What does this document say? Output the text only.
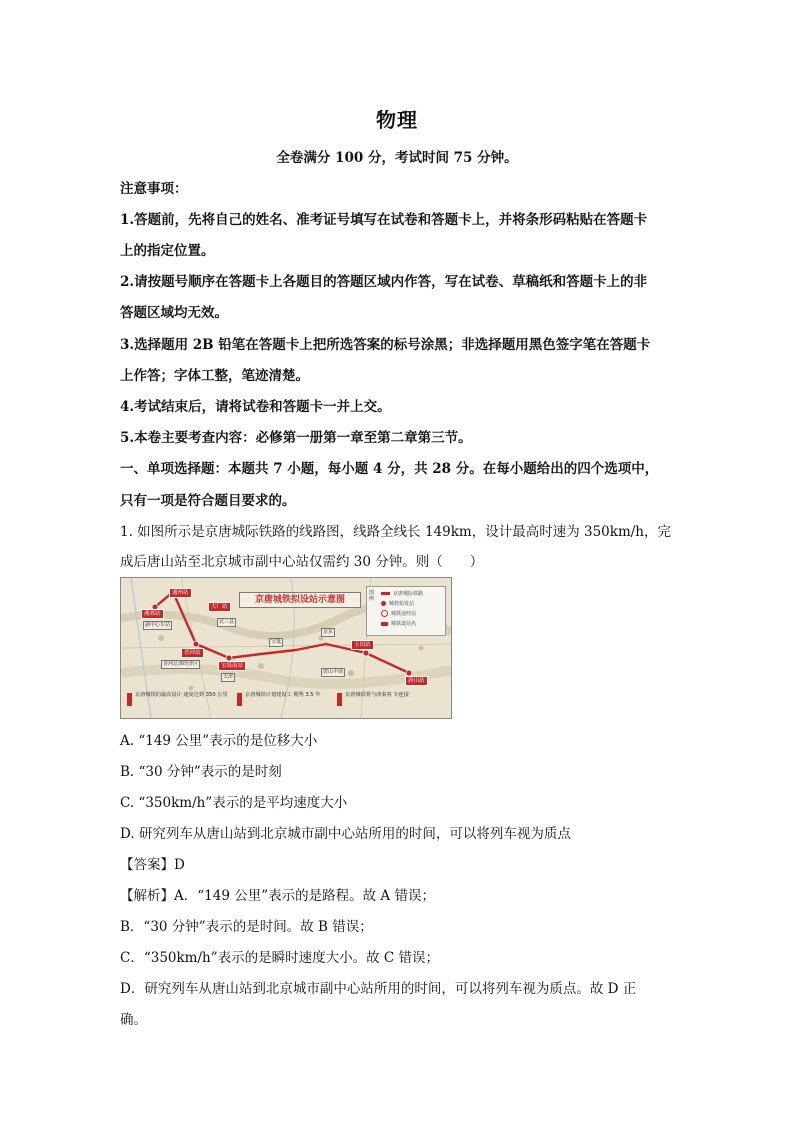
物理
全卷满分 100 分，考试时间 75 分钟。
注意事项：
1.答题前，先将自己的姓名、准考证号填写在试卷和答题卡上，并将条形码粘贴在答题卡
上的指定位置。
2.请按题号顺序在答题卡上各题目的答题区域内作答，写在试卷、草稿纸和答题卡上的非
答题区域均无效。
3.选择题用 2B 铅笔在答题卡上把所选答案的标号涂黑；非选择题用黑色签字笔在答题卡
上作答；字体工整，笔迹清楚。
4.考试结束后，请将试卷和答题卡一并上交。
5.本卷主要考查内容：必修第一册第一章至第二章第三节。
一、单项选择题：本题共 7 小题，每小题 4 分，共 28 分。在每小题给出的四个选项中，
只有一项是符合题目要求的。
1. 如图所示是京唐城际铁路的线路图，线路全线长 149km，设计最高时速为 350km/h，完
成后唐山站至北京城市副中心站仅需约 30 分钟。则（　　）
京唐城铁拟设站示意图
图例
京唐城际铁路
城铁始发站
城铁途经站
城铁设站名
燕郊站
通州站
大厂站
香河站
宝坻南站
玉田站
唐山站
副中心车站	北三县
香河总部经济区
宝坻
天津
京东
唐山丰南
京唐城铁的最高设计 速度达到 350 公里	京唐城铁计划建设工 期为 3.5 年	京唐城铁将与津秦客 专连接
A. “149 公里”表示的是位移大小
B. “30 分钟”表示的是时刻
C. “350km/h”表示的是平均速度大小
D. 研究列车从唐山站到北京城市副中心站所用的时间，可以将列车视为质点
【答案】D
【解析】A．“149 公里”表示的是路程。故 A 错误；
B．“30 分钟”表示的是时间。故 B 错误；
C．“350km/h”表示的是瞬时速度大小。故 C 错误；
D．研究列车从唐山站到北京城市副中心站所用的时间，可以将列车视为质点。故 D 正
确。
